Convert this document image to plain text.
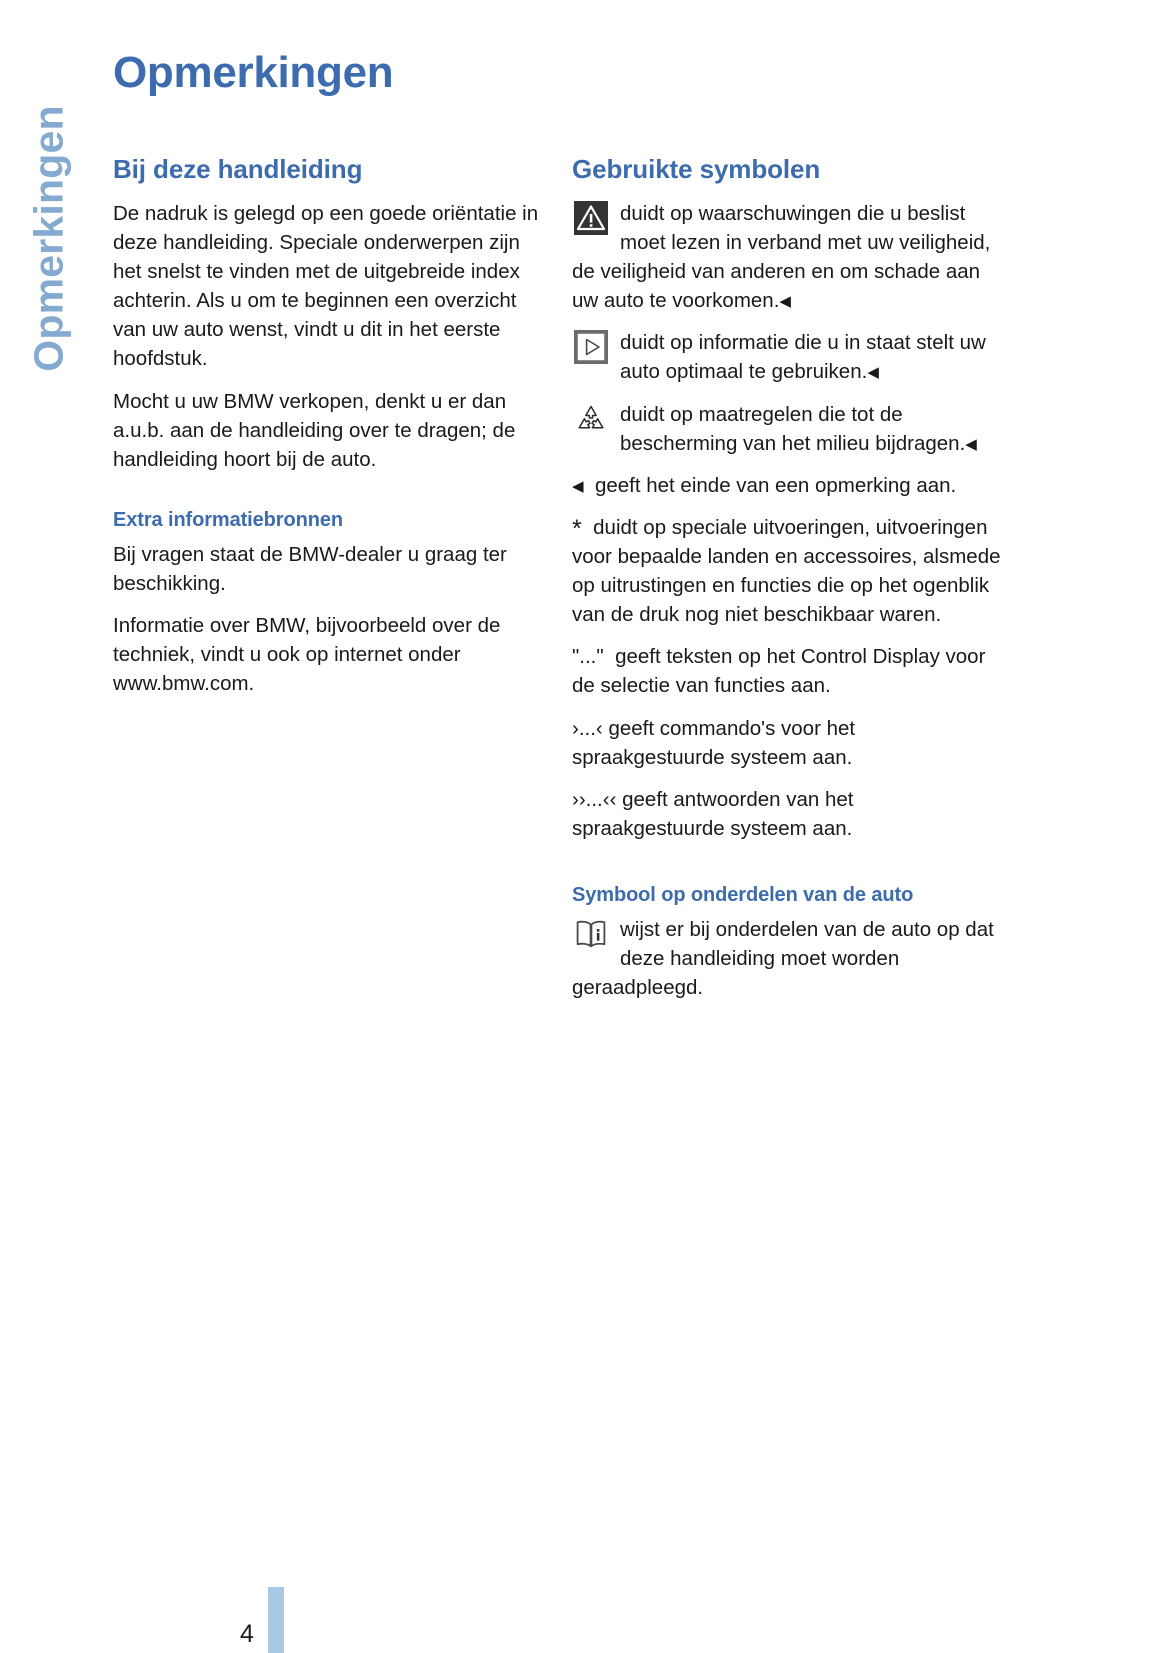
Opmerkingen
Opmerkingen
Bij deze handleiding

De nadruk is gelegd op een goede oriëntatie in deze handleiding. Speciale onderwerpen zijn het snelst te vinden met de uitgebreide index achterin. Als u om te beginnen een overzicht van uw auto wenst, vindt u dit in het eerste hoofdstuk.

Mocht u uw BMW verkopen, denkt u er dan a.u.b. aan de handleiding over te dragen; de handleiding hoort bij de auto.

Extra informatiebronnen

Bij vragen staat de BMW-dealer u graag ter beschikking.

Informatie over BMW, bijvoorbeeld over de techniek, vindt u ook op internet onder www.bmw.com.

Gebruikte symbolen
duidt op waarschuwingen die u beslist moet lezen in verband met uw veiligheid, de veiligheid van anderen en om schade aan uw auto te voorkomen.◀
duidt op informatie die u in staat stelt uw auto optimaal te gebruiken.◀
duidt op maatregelen die tot de bescherming van het milieu bijdragen.◀

◀ geeft het einde van een opmerking aan.

* duidt op speciale uitvoeringen, uitvoeringen voor bepaalde landen en accessoires, alsmede op uitrustingen en functies die op het ogenblik van de druk nog niet beschikbaar waren.

"..." geeft teksten op het Control Display voor de selectie van functies aan.

›...‹ geeft commando's voor het spraakgestuurde systeem aan.

››...‹‹ geeft antwoorden van het spraakgestuurde systeem aan.

Symbool op onderdelen van de auto
wijst er bij onderdelen van de auto op dat deze handleiding moet worden geraadpleegd.
4
